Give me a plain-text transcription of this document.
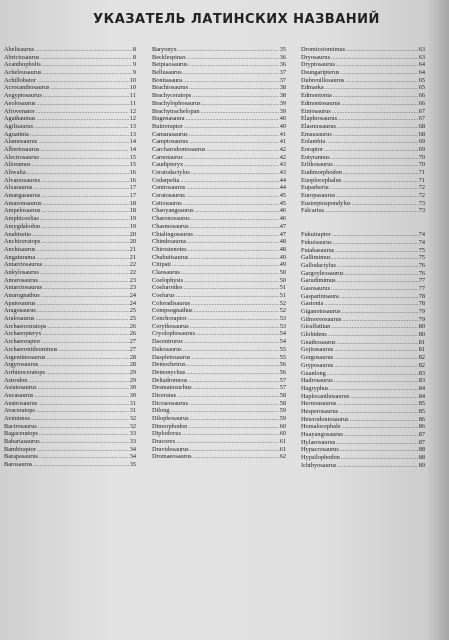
УКАЗАТЕЛЬ ЛАТИНСКИХ НАЗВАНИЙ
Abelisaurus .....	8
Abrictosaurus .....	8
Acanthopholis .....	9
Achelousaurus .....	9
Achillobator .....	10
Acrocanthosaurus .....	10
Aegyptosaurus .....	11
Aeolosaurus .....	11
Afrovenator .....	12
Agathaumas .....	12
Agilisaurus .....	13
Aguatinia .....	13
Alamosaurus .....	14
Albertosaurus .....	14
Alectrosaurus .....	15
Alioramus .....	15
Aliwalia .....	16
Alvarezsaurus .....	16
Alxasaurus .....	17
Amargasaurus .....	17
Amazonsaurus .....	18
Ampelosaurus .....	18
Amphicoelias .....	19
Amygdalodon .....	19
Anabisetia .....	20
Anchiceratops .....	20
Anchisaurus .....	21
Angaturama .....	21
Antarctosaurus .....	22
Ankylosaurus .....	22
Amurosaurus .....	23
Antarctosaurus .....	23
Anurognathus .....	24
Apatosaurus .....	24
Aragosaurus .....	25
Aralosaurus .....	25
Archaeoceratops .....	26
Archaeopteryx .....	26
Archaeoraptor .....	27
Archaeornithomimus .....	27
Argentinosaurus .....	28
Argyrosaurus .....	28
Arrhinoceratops .....	29
Astrodon .....	29
Asiatosaurus .....	30
Aucasaurus .....	30
Austrosaurus .....	31
Avaceratops .....	31
Avimimus .....	32
Bactrosaurus .....	32
Bagaceratops .....	33
Bahariasaurus .....	33
Bambiraptor .....	34
Barapasaurus .....	34
Barosaurus .....	35
Baryonyx .....	35
Becklespinax .....	36
Beipiaosaurus .....	36
Bellusaurus .....	37
Bonitasaura .....	37
Brachiosaurus .....	38
Brachyceratops .....	38
Brachylophosaurus .....	39
Brachytrachelopan .....	39
Bugenasaura .....	40
Buitreraptor .....	40
Camarasaurus .....	41
Camptosaurus .....	41
Carcharodontosaurus .....	42
Carnotaurus .....	42
Caudipteryx .....	43
Ceratodactylus .....	43
Cedarpelta .....	44
Centrosaurus .....	44
Ceratosaurus .....	45
Cetiosaurus .....	45
Chaoyangsaurus .....	46
Charonosaurus .....	46
Chasmosaurus .....	47
Chialingosaurus .....	47
Chindesaurus .....	48
Chirostenotes .....	48
Chubutisaurus .....	49
Citipati .....	49
Claosaurus .....	50
Coelophysis .....	50
Coeluroides .....	51
Coelurus .....	51
Coloradisaurus .....	52
Compsognathus .....	52
Conchoraptor .....	53
Corythosaurus .....	53
Cryolophosaurus .....	54
Dacentrurus .....	54
Dakosaurus .....	55
Daspletosaurus .....	55
Deinocheirus .....	56
Deinonychus .....	56
Deltadromeus .....	57
Desmatosuchus .....	57
Diceratus .....	58
Dicraeosaurus .....	58
Dilong .....	59
Dilophosaurus .....	59
Dimorphodon .....	60
Diplodocus .....	60
Dracorex .....	61
Dravidosaurus .....	61
Dromaeosaurus .....	62
Dromiceiomimus .....	63
Dryosaurus .....	63
Dryptosaurus .....	64
Dsungaripterus .....	64
Dubreuillosaurus .....	65
Edmarka .....	65
Edmontonia .....	66
Edmontosaurus .....	66
Einiosaurus .....	67
Elaphrosaurus .....	67
Elasmosaurus .....	68
Emausaurus .....	68
Eolambia .....	69
Eoraptor .....	69
Eotyrannus .....	70
Erlikosaurus .....	70
Eudimorphodon .....	71
Euoplocephalus .....	71
Euparkeria .....	72
Europasaurus .....	72
Eustreptospondylus .....	73
Falcarius .....	73
Fukuiraptor .....	74
Fukuisaurus .....	74
Futabasaurus .....	75
Gallimimus .....	75
Gallodactylus .....	76
Gargoyleosaurus .....	76
Garudimimus .....	77
Gasosaurus .....	77
Gasparinisaura .....	78
Gastonia .....	78
Giganotosaurus .....	79
Gilmoreosaurus .....	79
Giraffatitan .....	80
Globidens .....	80
Gnathosaurus .....	81
Gojirasaurus .....	81
Gorgosaurus .....	82
Gryposaurus .....	82
Guanlong .....	83
Hadrosaurus .....	83
Hagryphus .....	84
Haplocanthosaurus .....	84
Herrerasaurus .....	85
Hesperosaurus .....	85
Heterodontosaurus .....	86
Homalocephale .....	86
Huayangosaurus .....	87
Hylaeosaurus .....	87
Hypacrosaurus .....	88
Hypsilophodon .....	88
Ichthyosaurus .....	89
